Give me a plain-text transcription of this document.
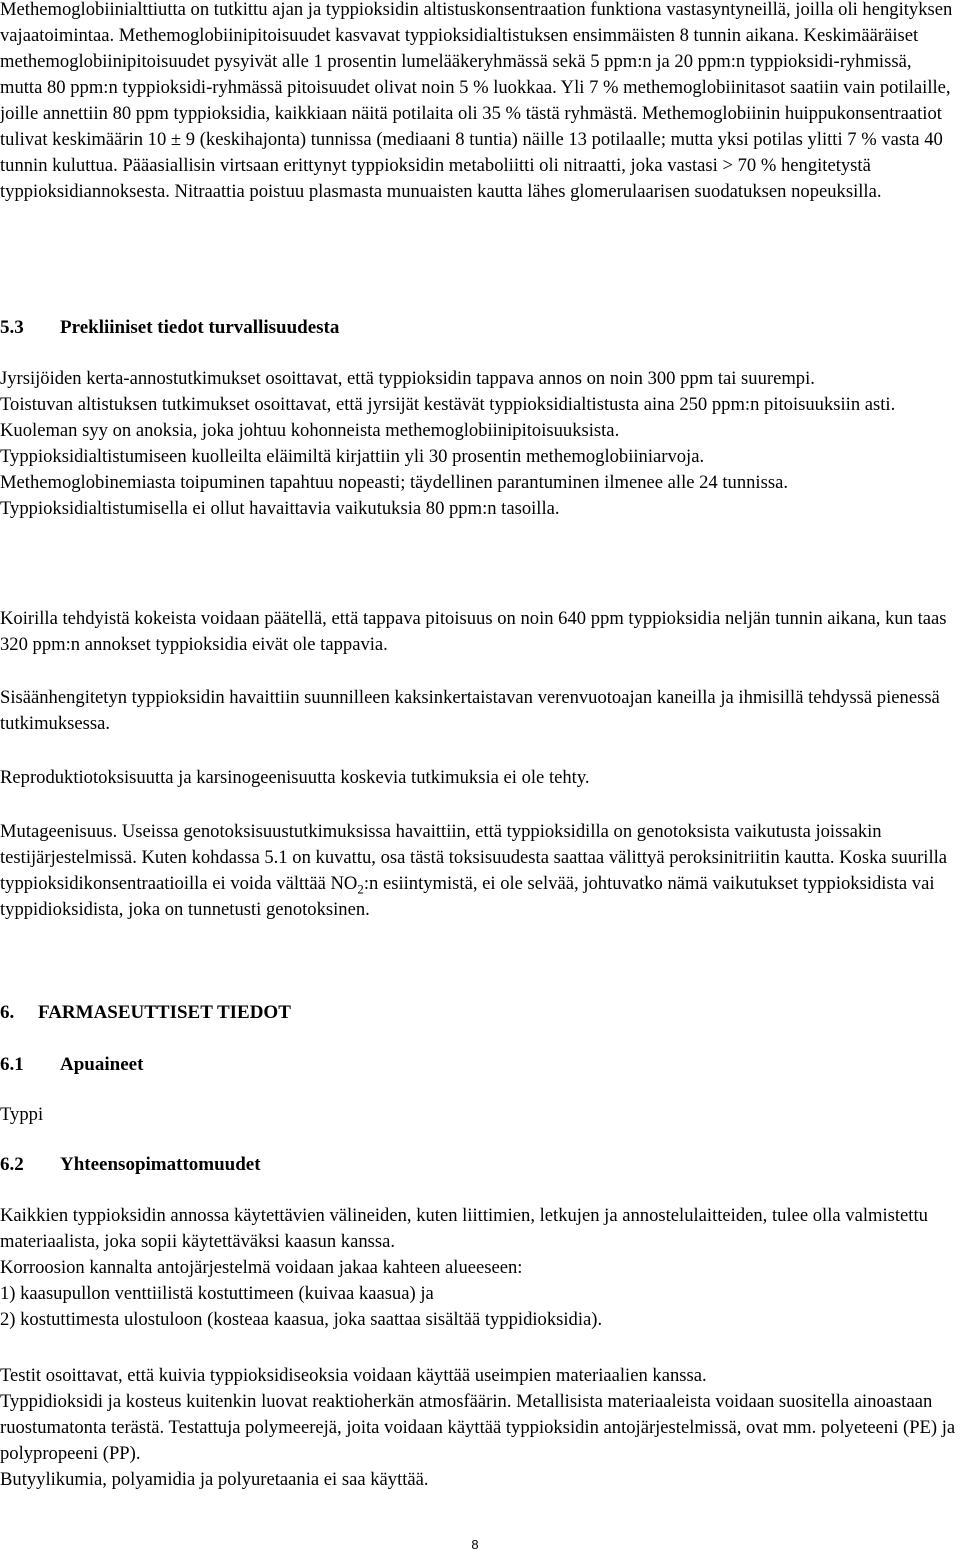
Methemoglobiinialttiutta on tutkittu ajan ja typpioksidin altistuskonsentraation funktiona vastasyntyneillä, joilla oli hengityksen vajaatoimintaa. Methemoglobiinipitoisuudet kasvavat typpioksidialtistuksen ensimmäisten 8 tunnin aikana. Keskimääräiset methemoglobiinipitoisuudet pysyivät alle 1 prosentin lumelääkeryhmässä sekä 5 ppm:n ja 20 ppm:n typpioksidi-ryhmissä, mutta 80 ppm:n typpioksidi-ryhmässä pitoisuudet olivat noin 5 % luokkaa. Yli 7 % methemoglobiinitasot saatiin vain potilaille, joille annettiin 80 ppm typpioksidia, kaikkiaan näitä potilaita oli 35 % tästä ryhmästä. Methemoglobiinin huippukonsentraatiot tulivat keskimäärin 10 ± 9 (keskihajonta) tunnissa (mediaani 8 tuntia) näille 13 potilaalle; mutta yksi potilas ylitti 7 % vasta 40 tunnin kuluttua. Pääasiallisin virtsaan erittynyt typpioksidin metaboliitti oli nitraatti, joka vastasi > 70 % hengitetystä typpioksidiannoksesta. Nitraattia poistuu plasmasta munuaisten kautta lähes glomerulaarisen suodatuksen nopeuksilla.

5.3 Prekliiniset tiedot turvallisuudesta

Jyrsijöiden kerta-annostutkimukset osoittavat, että typpioksidin tappava annos on noin 300 ppm tai suurempi.

Toistuvan altistuksen tutkimukset osoittavat, että jyrsijät kestävät typpioksidialtistusta aina 250 ppm:n pitoisuuksiin asti.

Kuoleman syy on anoksia, joka johtuu kohonneista methemoglobiinipitoisuuksista.

Typpioksidialtistumiseen kuolleilta eläimiltä kirjattiin yli 30 prosentin methemoglobiiniarvoja.

Methemoglobinemiasta toipuminen tapahtuu nopeasti; täydellinen parantuminen ilmenee alle 24 tunnissa. Typpioksidialtistumisella ei ollut havaittavia vaikutuksia 80 ppm:n tasoilla.

Koirilla tehdyistä kokeista voidaan päätellä, että tappava pitoisuus on noin 640 ppm typpioksidia neljän tunnin aikana, kun taas 320 ppm:n annokset typpioksidia eivät ole tappavia.

Sisäänhengitetyn typpioksidin havaittiin suunnilleen kaksinkertaistavan verenvuotoajan kaneilla ja ihmisillä tehdyssä pienessä tutkimuksessa.

Reproduktiotoksisuutta ja karsinogeenisuutta koskevia tutkimuksia ei ole tehty.

Mutageenisuus. Useissa genotoksisuustutkimuksissa havaittiin, että typpioksidilla on genotoksista vaikutusta joissakin testijärjestelmissä. Kuten kohdassa 5.1 on kuvattu, osa tästä toksisuudesta saattaa välittyä peroksinitriitin kautta. Koska suurilla typpioksidikonsentraatioilla ei voida välttää $NO_2:n$ esiintymistä, ei ole selvää, johtuvatko nämä vaikutukset typpioksidista vai typpidioksidista, joka on tunnetusti genotoksinen.

6. FARMASEUTTISET TIEDOT
6.1 Apuaineet

Typpi

6.2 Yhteensopimattomuudet

Kaikkien typpioksidin annossa käytettävien välineiden, kuten liittimien, letkujen ja annostelulaitteiden, tulee olla valmistettu materiaalista, joka sopii käytettäväksi kaasun kanssa.

Korroosion kannalta antojärjestelmä voidaan jakaa kahteen alueeseen:

1) kaasupullon venttiilistä kostuttimeen (kuivaa kaasua) ja

2) kostuttimesta ulostuloon (kosteaa kaasua, joka saattaa sisältää typpidioksidia).

Testit osoittavat, että kuivia typpioksidiseoksia voidaan käyttää useimpien materiaalien kanssa.

Typpidioksidi ja kosteus kuitenkin luovat reaktioherkän atmosfäärin. Metallisista materiaaleista voidaan suositella ainoastaan ruostumatonta terästä. Testattuja polymeerejä, joita voidaan käyttää typpioksidin antojärjestelmissä, ovat mm. polyeteeni (PE) ja polypropeeni (PP).

Butyylikumia, polyamidia ja polyuretaania ei saa käyttää.

8
